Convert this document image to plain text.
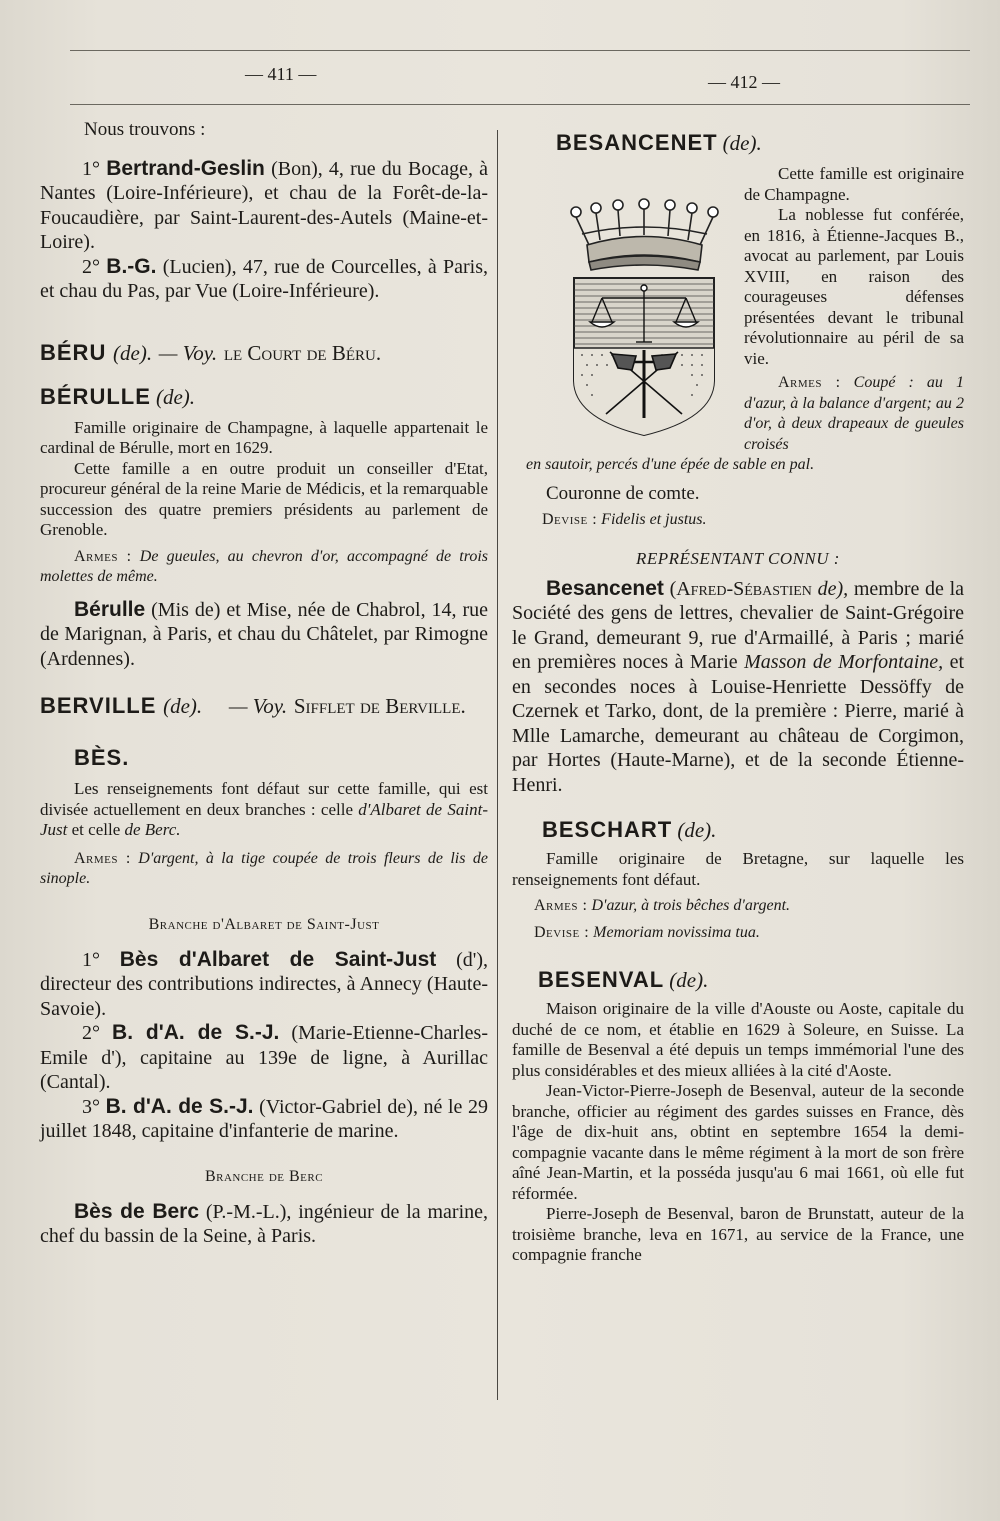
— 411 —	— 412 —

Nous trouvons :

1° Bertrand-Geslin (Bon), 4, rue du Bocage, à Nantes (Loire-Inférieure), et chau de la Forêt-de-la-Foucaudière, par Saint-Laurent-des-Autels (Maine-et-Loire).

2° B.-G. (Lucien), 47, rue de Courcelles, à Paris, et chau du Pas, par Vue (Loire-Inférieure).

BÉRU (de). — Voy. le Court de Béru.

BÉRULLE (de).

Famille originaire de Champagne, à laquelle appartenait le cardinal de Bérulle, mort en 1629.

Cette famille a en outre produit un conseiller d'Etat, procureur général de la reine Marie de Médicis, et la remarquable succession des quatre premiers présidents au parlement de Grenoble.

Armes : De gueules, au chevron d'or, accompagné de trois molettes de même.

Bérulle (Mis de) et Mise, née de Chabrol, 14, rue de Marignan, à Paris, et chau du Châtelet, par Rimogne (Ardennes).

BERVILLE (de). — Voy. Sifflet de Berville.

BÈS.

Les renseignements font défaut sur cette famille, qui est divisée actuellement en deux branches : celle d'Albaret de Saint-Just et celle de Berc.

Armes : D'argent, à la tige coupée de trois fleurs de lis de sinople.

Branche d'Albaret de Saint-Just

1° Bès d'Albaret de Saint-Just (d'), directeur des contributions indirectes, à Annecy (Haute-Savoie).

2° B. d'A. de S.-J. (Marie-Etienne-Charles-Emile d'), capitaine au 139e de ligne, à Aurillac (Cantal).

3° B. d'A. de S.-J. (Victor-Gabriel de), né le 29 juillet 1848, capitaine d'infanterie de marine.

Branche de Berc

Bès de Berc (P.-M.-L.), ingénieur de la marine, chef du bassin de la Seine, à Paris.

BESANCENET (de).

Cette famille est originaire de Champagne.

La noblesse fut conférée, en 1816, à Étienne-Jacques B., avocat au parlement, par Louis XVIII, en raison des courageuses défenses présentées devant le tribunal révolutionnaire au péril de sa vie.

Armes : Coupé : au 1 d'azur, à la balance d'argent; au 2 d'or, à deux drapeaux de gueules croisés

en sautoir, percés d'une épée de sable en pal.

Couronne de comte.

Devise : Fidelis et justus.

REPRÉSENTANT CONNU :

Besancenet (Afred-Sébastien de), membre de la Société des gens de lettres, chevalier de Saint-Grégoire le Grand, demeurant 9, rue d'Armaillé, à Paris ; marié en premières noces à Marie Masson de Morfontaine, et en secondes noces à Louise-Henriette Dessöffy de Czernek et Tarko, dont, de la première : Pierre, marié à Mlle Lamarche, demeurant au château de Corgimon, par Hortes (Haute-Marne), et de la seconde Étienne-Henri.

BESCHART (de).

Famille originaire de Bretagne, sur laquelle les renseignements font défaut.

Armes : D'azur, à trois bêches d'argent.

Devise : Memoriam novissima tua.

BESENVAL (de).

Maison originaire de la ville d'Aouste ou Aoste, capitale du duché de ce nom, et établie en 1629 à Soleure, en Suisse. La famille de Besenval a été depuis un temps immémorial l'une des plus considérables et des mieux alliées à la cité d'Aoste.

Jean-Victor-Pierre-Joseph de Besenval, auteur de la seconde branche, officier au régiment des gardes suisses en France, dès l'âge de dix-huit ans, obtint en septembre 1654 la demi-compagnie vacante dans le même régiment à la mort de son frère aîné Jean-Martin, et la posséda jusqu'au 6 mai 1661, où elle fut réformée.

Pierre-Joseph de Besenval, baron de Brunstatt, auteur de la troisième branche, leva en 1671, au service de la France, une compagnie franche
